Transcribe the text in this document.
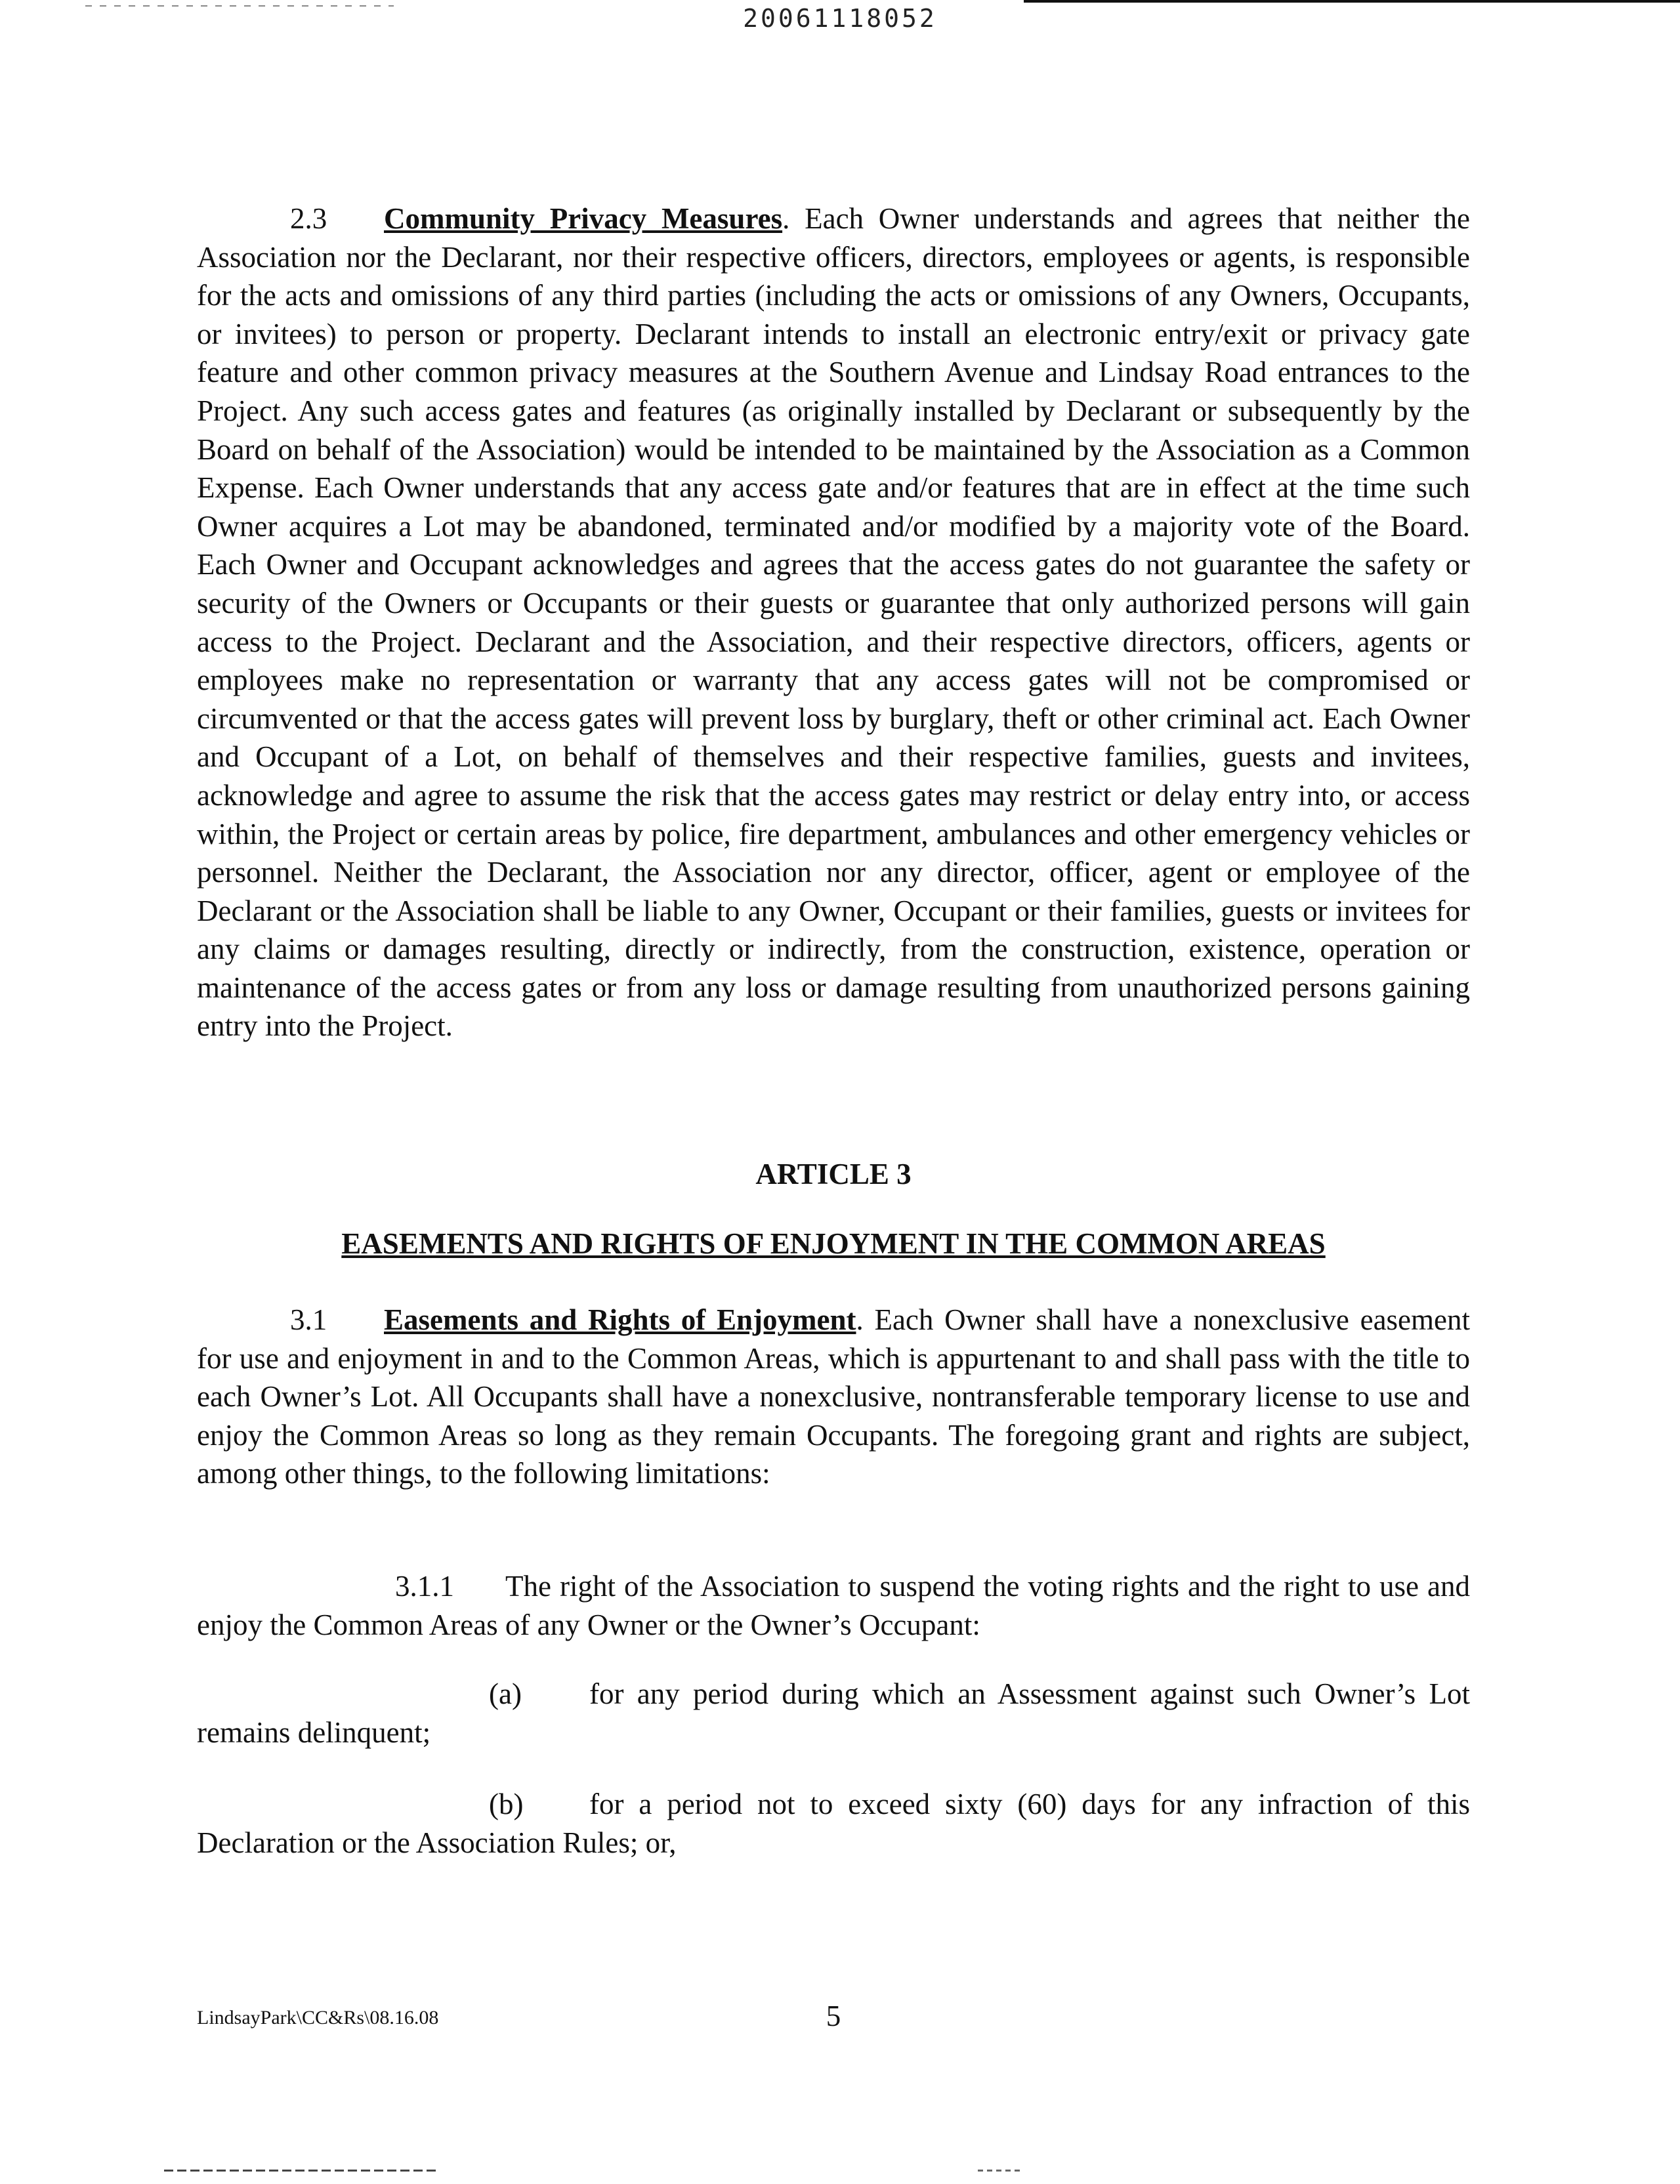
20061118052

2.3 Community Privacy Measures. Each Owner understands and agrees that neither the Association nor the Declarant, nor their respective officers, directors, employees or agents, is responsible for the acts and omissions of any third parties (including the acts or omissions of any Owners, Occupants, or invitees) to person or property. Declarant intends to install an electronic entry/exit or privacy gate feature and other common privacy measures at the Southern Avenue and Lindsay Road entrances to the Project. Any such access gates and features (as originally installed by Declarant or subsequently by the Board on behalf of the Association) would be intended to be maintained by the Association as a Common Expense. Each Owner understands that any access gate and/or features that are in effect at the time such Owner acquires a Lot may be abandoned, terminated and/or modified by a majority vote of the Board. Each Owner and Occupant acknowledges and agrees that the access gates do not guarantee the safety or security of the Owners or Occupants or their guests or guarantee that only authorized persons will gain access to the Project. Declarant and the Association, and their respective directors, officers, agents or employees make no representation or warranty that any access gates will not be compromised or circumvented or that the access gates will prevent loss by burglary, theft or other criminal act. Each Owner and Occupant of a Lot, on behalf of themselves and their respective families, guests and invitees, acknowledge and agree to assume the risk that the access gates may restrict or delay entry into, or access within, the Project or certain areas by police, fire department, ambulances and other emergency vehicles or personnel. Neither the Declarant, the Association nor any director, officer, agent or employee of the Declarant or the Association shall be liable to any Owner, Occupant or their families, guests or invitees for any claims or damages resulting, directly or indirectly, from the construction, existence, operation or maintenance of the access gates or from any loss or damage resulting from unauthorized persons gaining entry into the Project.

ARTICLE 3

EASEMENTS AND RIGHTS OF ENJOYMENT IN THE COMMON AREAS

3.1 Easements and Rights of Enjoyment. Each Owner shall have a nonexclusive easement for use and enjoyment in and to the Common Areas, which is appurtenant to and shall pass with the title to each Owner’s Lot. All Occupants shall have a nonexclusive, nontransferable temporary license to use and enjoy the Common Areas so long as they remain Occupants. The foregoing grant and rights are subject, among other things, to the following limitations:

3.1.1 The right of the Association to suspend the voting rights and the right to use and enjoy the Common Areas of any Owner or the Owner’s Occupant:

(a) for any period during which an Assessment against such Owner’s Lot remains delinquent;

(b) for a period not to exceed sixty (60) days for any infraction of this Declaration or the Association Rules; or,

LindsayPark\CC&Rs\08.16.08	5
